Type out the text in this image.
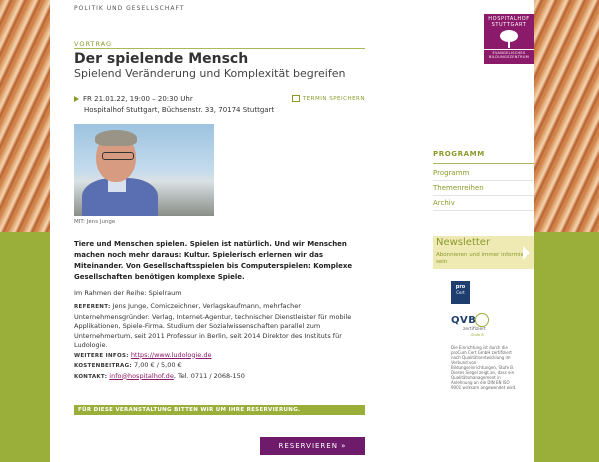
POLITIK UND GESELLSCHAFT
HOSPITALHOF
STUTTGART
EVANGELISCHES
BILDUNGSZENTRUM
VORTRAG
Der spielende Mensch
Spielend Veränderung und Komplexität begreifen
FR 21.01.22, 19:00 – 20:30 Uhr	TERMIN SPEICHERN
Hospitalhof Stuttgart, Büchsenstr. 33, 70174 Stuttgart
MIT: Jens Junge
Tiere und Menschen spielen. Spielen ist natürlich. Und wir Menschen machen noch mehr daraus: Kultur. Spielerisch erlernen wir das Miteinander. Von Gesellschaftsspielen bis Computerspielen: Komplexe Gesellschaften benötigen komplexe Spiele.
Im Rahmen der Reihe: Spielraum
REFERENT: Jens Junge, Comiczeichner, Verlagskaufmann, mehrfacher Unternehmensgründer: Verlag, Internet-Agentur, technischer Dienstleister für mobile Applikationen, Spiele-Firma. Studium der Sozialwissenschaften parallel zum Unternehmertum, seit 2011 Professur in Berlin, seit 2014 Direktor des Instituts für Ludologie.
WEITERE INFOS: https://www.ludologie.de
KOSTENBEITRAG: 7,00 € / 5,00 €
KONTAKT: info@hospitalhof.de, Tel. 0711 / 2068-150
FÜR DIESE VERANSTALTUNG BITTEN WIR UM IHRE RESERVIERUNG.
RESERVIEREN »
PROGRAMM
Programm
Themenreihen
Archiv
Newsletter
Abonnieren und immer informiert sein
pro
Cert
QVB
zertifiziert
Stufe B
Die Einrichtung ist durch die proCum Cert GmbH zertifiziert nach Qualitätsentwicklung im Verbund von Bildungseinrichtungen, Stufe B. Dieses Siegel zeigt an, dass ein Qualitätsmanagement in Anlehnung an die DIN EN ISO 9001 wirksam angewendet wird.
